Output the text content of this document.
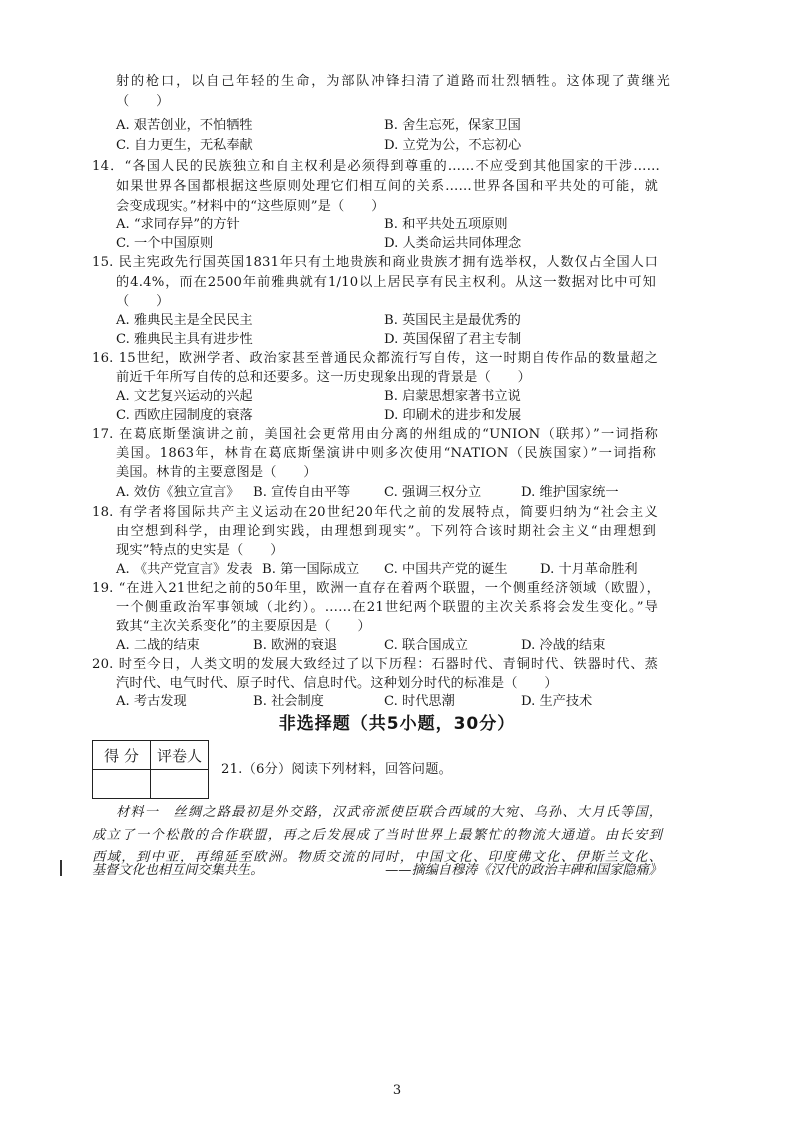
射的枪口，以自己年轻的生命，为部队冲锋扫清了道路而壮烈牺牲。这体现了黄继光
（　　）
A. 艰苦创业，不怕牺牲	B. 舍生忘死，保家卫国
C. 自力更生，无私奉献	D. 立党为公，不忘初心
14．“各国人民的民族独立和自主权利是必须得到尊重的……不应受到其他国家的干涉……
如果世界各国都根据这些原则处理它们相互间的关系……世界各国和平共处的可能，就
会变成现实。”材料中的“这些原则”是（　　）
A. “求同存异”的方针	B. 和平共处五项原则
C. 一个中国原则	D. 人类命运共同体理念
15. 民主宪政先行国英国1831年只有土地贵族和商业贵族才拥有选举权，人数仅占全国人口
的4.4%，而在2500年前雅典就有1/10以上居民享有民主权利。从这一数据对比中可知
（　　）
A. 雅典民主是全民民主	B. 英国民主是最优秀的
C. 雅典民主具有进步性	D. 英国保留了君主专制
16. 15世纪，欧洲学者、政治家甚至普通民众都流行写自传，这一时期自传作品的数量超之
前近千年所写自传的总和还要多。这一历史现象出现的背景是（　　）
A. 文艺复兴运动的兴起	B. 启蒙思想家著书立说
C. 西欧庄园制度的衰落	D. 印刷术的进步和发展
17. 在葛底斯堡演讲之前，美国社会更常用由分离的州组成的“UNION（联邦）”一词指称
美国。1863年，林肯在葛底斯堡演讲中则多次使用“NATION（民族国家）”一词指称
美国。林肯的主要意图是（　　）
A. 效仿《独立宣言》 B. 宣传自由平等	C. 强调三权分立	D. 维护国家统一
18. 有学者将国际共产主义运动在20世纪20年代之前的发展特点，简要归纳为“社会主义
由空想到科学，由理论到实践，由理想到现实”。下列符合该时期社会主义“由理想到
现实”特点的史实是（　　）
A. 《共产党宣言》发表 B. 第一国际成立 C. 中国共产党的诞生 D. 十月革命胜利
19. “在进入21世纪之前的50年里，欧洲一直存在着两个联盟，一个侧重经济领域（欧盟），
一个侧重政治军事领域（北约）。……在21世纪两个联盟的主次关系将会发生变化。”导
致其“主次关系变化”的主要原因是（　　）
A. 二战的结束	B. 欧洲的衰退	C. 联合国成立	D. 冷战的结束
20. 时至今日，人类文明的发展大致经过了以下历程：石器时代、青铜时代、铁器时代、蒸
汽时代、电气时代、原子时代、信息时代。这种划分时代的标准是（　　）
A. 考古发现	B. 社会制度	C. 时代思潮	D. 生产技术
非选择题（共5小题，30分）
得 分	评卷人

21.（6分）阅读下列材料，回答问题。
材料一　丝绸之路最初是外交路，汉武帝派使臣联合西域的大宛、乌孙、大月氏等国，
成立了一个松散的合作联盟，再之后发展成了当时世界上最繁忙的物流大通道。由长安到
西域，到中亚，再绵延至欧洲。物质交流的同时，中国文化、印度佛文化、伊斯兰文化、
基督文化也相互间交集共生。	——摘编自穆涛《汉代的政治丰碑和国家隐痛》
3
